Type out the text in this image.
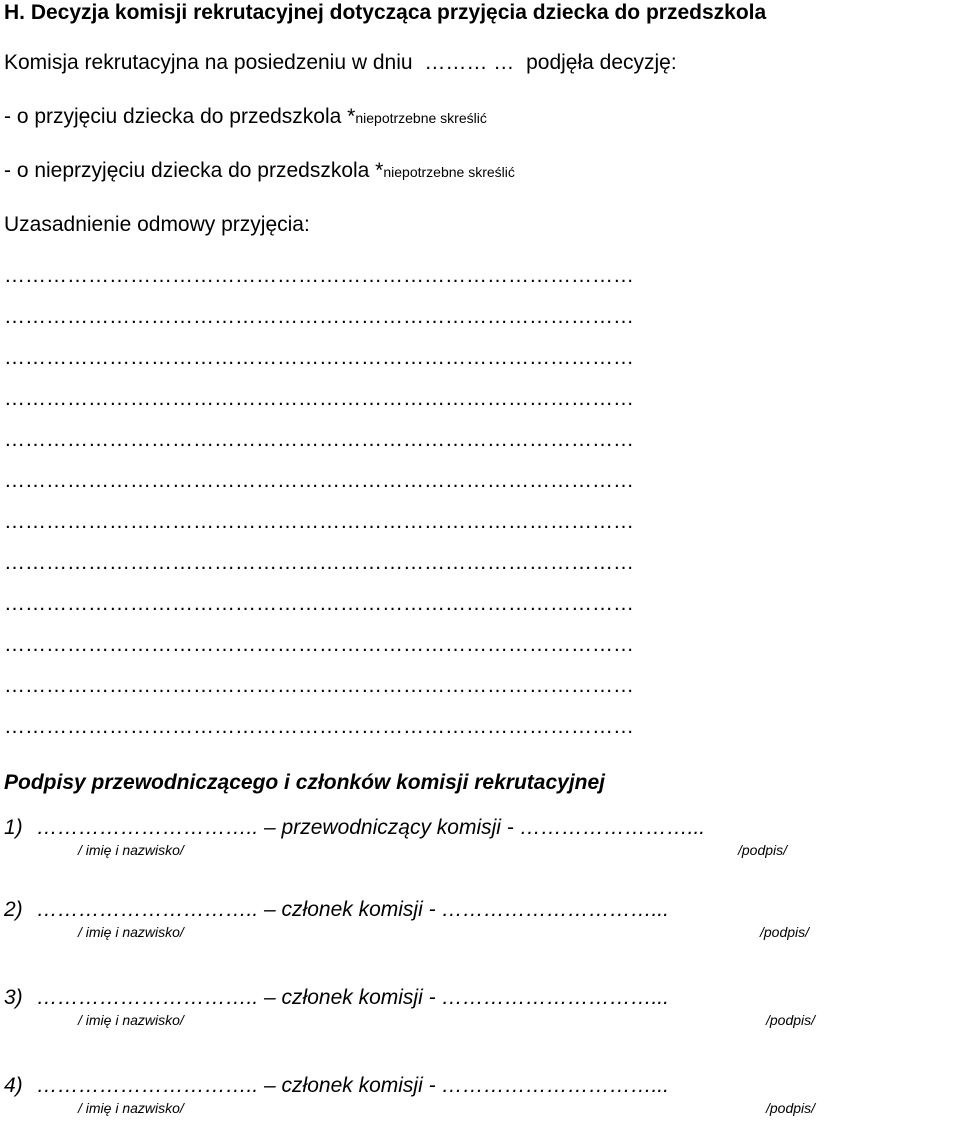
H. Decyzja komisji rekrutacyjnej dotycząca przyjęcia dziecka do przedszkola
Komisja rekrutacyjna na posiedzeniu w dniu ……… … podjęła decyzję:
- o przyjęciu dziecka do przedszkola *niepotrzebne skreślić
- o nieprzyjęciu dziecka do przedszkola *niepotrzebne skreślić
Uzasadnienie odmowy przyjęcia:
………………………………………………………………………………
………………………………………………………………………………
………………………………………………………………………………
………………………………………………………………………………
………………………………………………………………………………
………………………………………………………………………………
………………………………………………………………………………
………………………………………………………………………………
………………………………………………………………………………
………………………………………………………………………………
………………………………………………………………………………
………………………………………………………………………………
Podpisy przewodniczącego i członków komisji rekrutacyjnej
1) ………………………….. – przewodniczący komisji - ……………………...
/ imię i nazwisko/	/podpis/
2) ………………………….. – członek komisji - …………………………...
/ imię i nazwisko/	/podpis/
3) ………………………….. – członek komisji - …………………………...
/ imię i nazwisko/	/podpis/
4) ………………………….. – członek komisji - …………………………...
/ imię i nazwisko/	/podpis/
